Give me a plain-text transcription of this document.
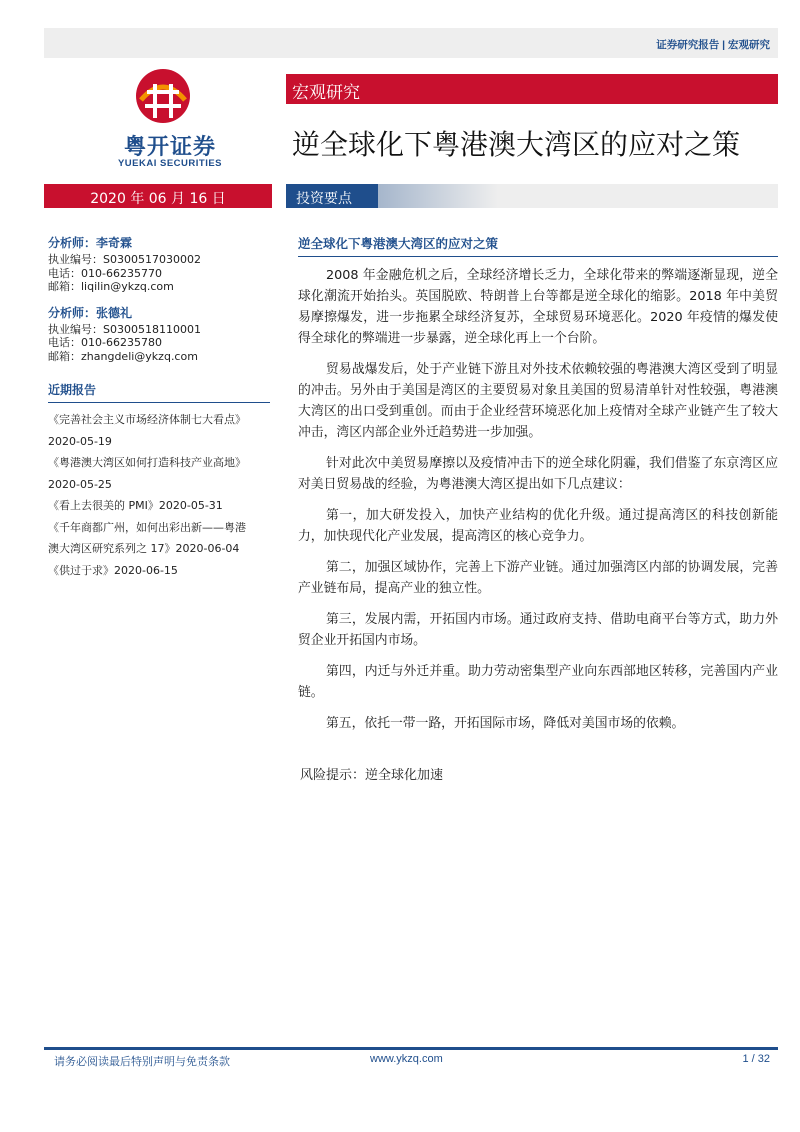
证券研究报告 | 宏观研究
粤开证券
YUEKAI SECURITIES
宏观研究
逆全球化下粤港澳大湾区的应对之策
2020 年 06 月 16 日	投资要点
分析师：李奇霖
执业编号：S0300517030002
电话：010-66235770
邮箱：liqilin@ykzq.com
分析师：张德礼
执业编号：S0300518110001
电话：010-66235780
邮箱：zhangdeli@ykzq.com
近期报告
《完善社会主义市场经济体制七大看点》
2020-05-19
《粤港澳大湾区如何打造科技产业高地》
2020-05-25
《看上去很美的 PMI》2020-05-31
《千年商都广州，如何出彩出新——粤港
澳大湾区研究系列之 17》2020-06-04
《供过于求》2020-06-15
逆全球化下粤港澳大湾区的应对之策

2008 年金融危机之后，全球经济增长乏力，全球化带来的弊端逐渐显现，逆全球化潮流开始抬头。英国脱欧、特朗普上台等都是逆全球化的缩影。2018 年中美贸易摩擦爆发，进一步拖累全球经济复苏，全球贸易环境恶化。2020 年疫情的爆发使得全球化的弊端进一步暴露，逆全球化再上一个台阶。

贸易战爆发后，处于产业链下游且对外技术依赖较强的粤港澳大湾区受到了明显的冲击。另外由于美国是湾区的主要贸易对象且美国的贸易清单针对性较强，粤港澳大湾区的出口受到重创。而由于企业经营环境恶化加上疫情对全球产业链产生了较大冲击，湾区内部企业外迁趋势进一步加强。

针对此次中美贸易摩擦以及疫情冲击下的逆全球化阴霾，我们借鉴了东京湾区应对美日贸易战的经验，为粤港澳大湾区提出如下几点建议：

第一，加大研发投入，加快产业结构的优化升级。通过提高湾区的科技创新能力，加快现代化产业发展，提高湾区的核心竞争力。

第二，加强区域协作，完善上下游产业链。通过加强湾区内部的协调发展，完善产业链布局，提高产业的独立性。

第三，发展内需，开拓国内市场。通过政府支持、借助电商平台等方式，助力外贸企业开拓国内市场。

第四，内迁与外迁并重。助力劳动密集型产业向东西部地区转移，完善国内产业链。

第五，依托一带一路，开拓国际市场，降低对美国市场的依赖。

风险提示：逆全球化加速
请务必阅读最后特别声明与免责条款	www.ykzq.com	1 / 32
